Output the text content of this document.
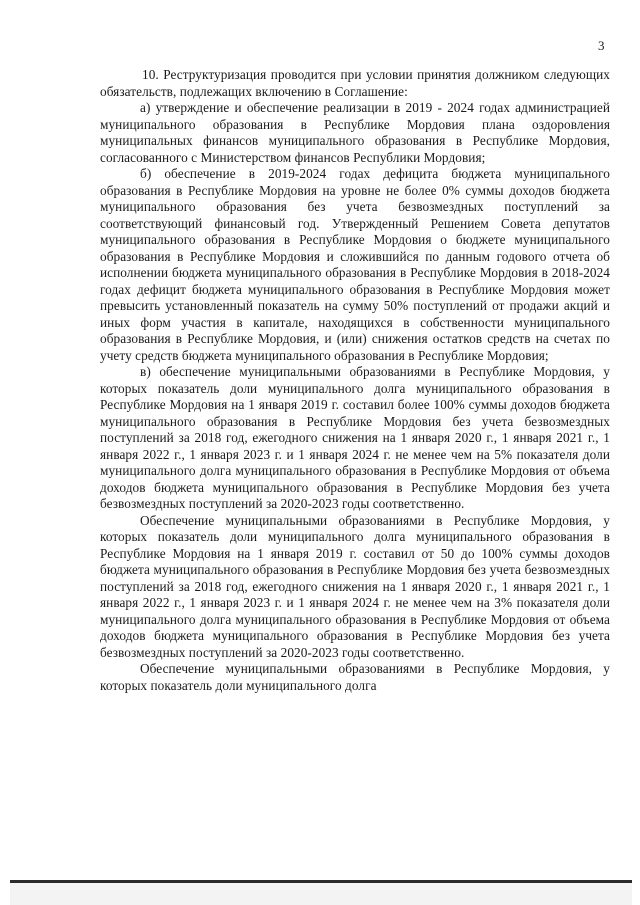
3

10. Реструктуризация проводится при условии принятия должником следующих обязательств, подлежащих включению в Соглашение:

а) утверждение и обеспечение реализации в 2019 - 2024 годах администрацией муниципального образования в Республике Мордовия плана оздоровления муниципальных финансов муниципального образования в Республике Мордовия, согласованного с Министерством финансов Республики Мордовия;

б) обеспечение в 2019-2024 годах дефицита бюджета муниципального образования в Республике Мордовия на уровне не более 0% суммы доходов бюджета муниципального образования без учета безвозмездных поступлений за соответствующий финансовый год. Утвержденный Решением Совета депутатов муниципального образования в Республике Мордовия о бюджете муниципального образования в Республике Мордовия и сложившийся по данным годового отчета об исполнении бюджета муниципального образования в Республике Мордовия в 2018-2024 годах дефицит бюджета муниципального образования в Республике Мордовия может превысить установленный показатель на сумму 50% поступлений от продажи акций и иных форм участия в капитале, находящихся в собственности муниципального образования в Республике Мордовия, и (или) снижения остатков средств на счетах по учету средств бюджета муниципального образования в Республике Мордовия;

в) обеспечение муниципальными образованиями в Республике Мордовия, у которых показатель доли муниципального долга муниципального образования в Республике Мордовия на 1 января 2019 г. составил более 100% суммы доходов бюджета муниципального образования в Республике Мордовия без учета безвозмездных поступлений за 2018 год, ежегодного снижения на 1 января 2020 г., 1 января 2021 г., 1 января 2022 г., 1 января 2023 г. и 1 января 2024 г. не менее чем на 5% показателя доли муниципального долга муниципального образования в Республике Мордовия от объема доходов бюджета муниципального образования в Республике Мордовия без учета безвозмездных поступлений за 2020-2023 годы соответственно.

Обеспечение муниципальными образованиями в Республике Мордовия, у которых показатель доли муниципального долга муниципального образования в Республике Мордовия на 1 января 2019 г. составил от 50 до 100% суммы доходов бюджета муниципального образования в Республике Мордовия без учета безвозмездных поступлений за 2018 год, ежегодного снижения на 1 января 2020 г., 1 января 2021 г., 1 января 2022 г., 1 января 2023 г. и 1 января 2024 г. не менее чем на 3% показателя доли муниципального долга муниципального образования в Республике Мордовия от объема доходов бюджета муниципального образования в Республике Мордовия без учета безвозмездных поступлений за 2020-2023 годы соответственно.

Обеспечение муниципальными образованиями в Республике Мордовия, у которых показатель доли муниципального долга
